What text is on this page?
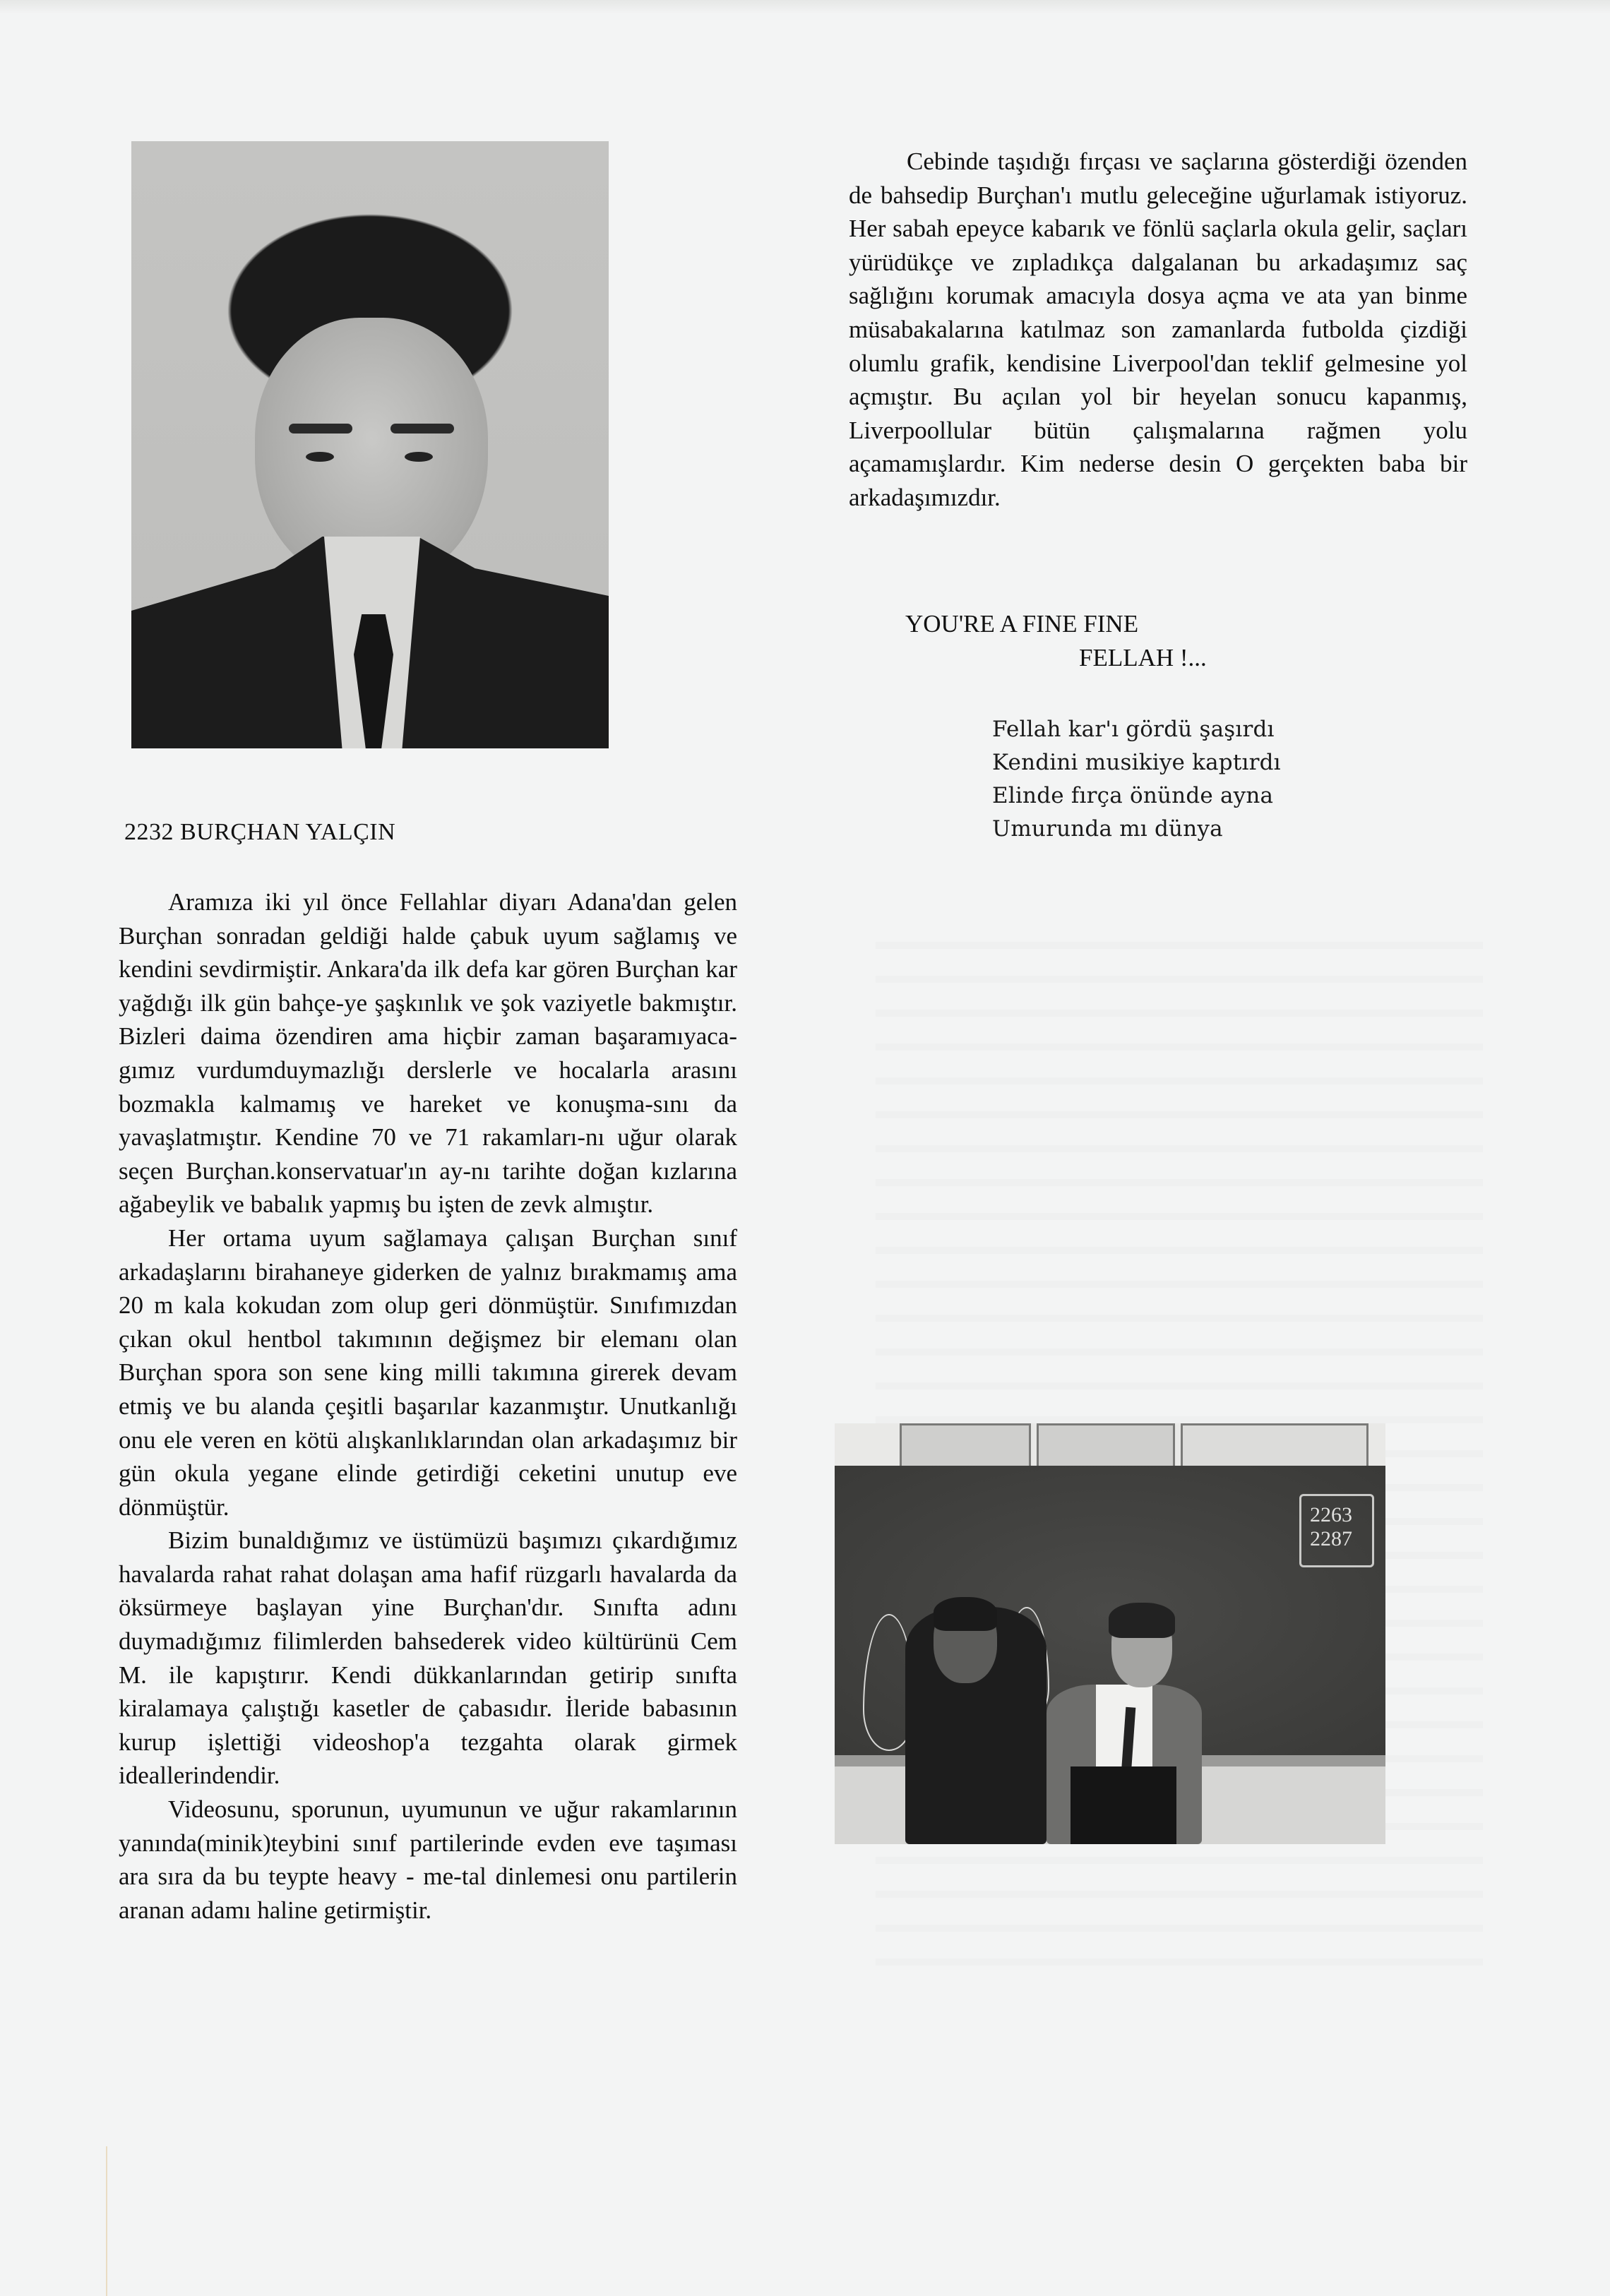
2232 BURÇHAN YALÇIN

Aramıza iki yıl önce Fellahlar diyarı Adana'dan gelen Burçhan sonradan geldiği halde çabuk uyum sağlamış ve kendini sevdirmiştir. Ankara'da ilk defa kar gören Burçhan kar yağdığı ilk gün bahçe-ye şaşkınlık ve şok vaziyetle bakmıştır. Bizleri daima özendiren ama hiçbir zaman başaramıyaca-gımız vurdumduymazlığı derslerle ve hocalarla arasını bozmakla kalmamış ve hareket ve konuşma-sını da yavaşlatmıştır. Kendine 70 ve 71 rakamları-nı uğur olarak seçen Burçhan.konservatuar'ın ay-nı tarihte doğan kızlarına ağabeylik ve babalık yapmış bu işten de zevk almıştır.

Her ortama uyum sağlamaya çalışan Burçhan sınıf arkadaşlarını birahaneye giderken de yalnız bırakmamış ama 20 m kala kokudan zom olup geri dönmüştür. Sınıfımızdan çıkan okul hentbol takımının değişmez bir elemanı olan Burçhan spora son sene king milli takımına girerek devam etmiş ve bu alanda çeşitli başarılar kazanmıştır. Unutkanlığı onu ele veren en kötü alışkanlıklarından olan arkadaşımız bir gün okula yegane elinde getirdiği ceketini unutup eve dönmüştür.

Bizim bunaldığımız ve üstümüzü başımızı çıkardığımız havalarda rahat rahat dolaşan ama hafif rüzgarlı havalarda da öksürmeye başlayan yine Burçhan'dır. Sınıfta adını duymadığımız filimlerden bahsederek video kültürünü Cem M. ile kapıştırır. Kendi dükkanlarından getirip sınıfta kiralamaya çalıştığı kasetler de çabasıdır. İleride babasının kurup işlettiği videoshop'a tezgahta olarak girmek ideallerindendir.

Videosunu, sporunun, uyumunun ve uğur rakamlarının yanında(minik)teybini sınıf partilerinde evden eve taşıması ara sıra da bu teypte heavy - me-tal dinlemesi onu partilerin aranan adamı haline getirmiştir.

Cebinde taşıdığı fırçası ve saçlarına gösterdiği özenden de bahsedip Burçhan'ı mutlu geleceğine uğurlamak istiyoruz. Her sabah epeyce kabarık ve fönlü saçlarla okula gelir, saçları yürüdükçe ve zıpladıkça dalgalanan bu arkadaşımız saç sağlığını korumak amacıyla dosya açma ve ata yan binme müsabakalarına katılmaz son zamanlarda futbolda çizdiği olumlu grafik, kendisine Liverpool'dan teklif gelmesine yol açmıştır. Bu açılan yol bir heyelan sonucu kapanmış, Liverpoollular bütün çalışmalarına rağmen yolu açamamışlardır. Kim nederse desin O gerçekten baba bir arkadaşımızdır.

YOU'RE A FINE FINE
FELLAH !...
Fellah kar'ı gördü şaşırdı
Kendini musikiye kaptırdı
Elinde fırça önünde ayna
Umurunda mı dünya
2263
2287
